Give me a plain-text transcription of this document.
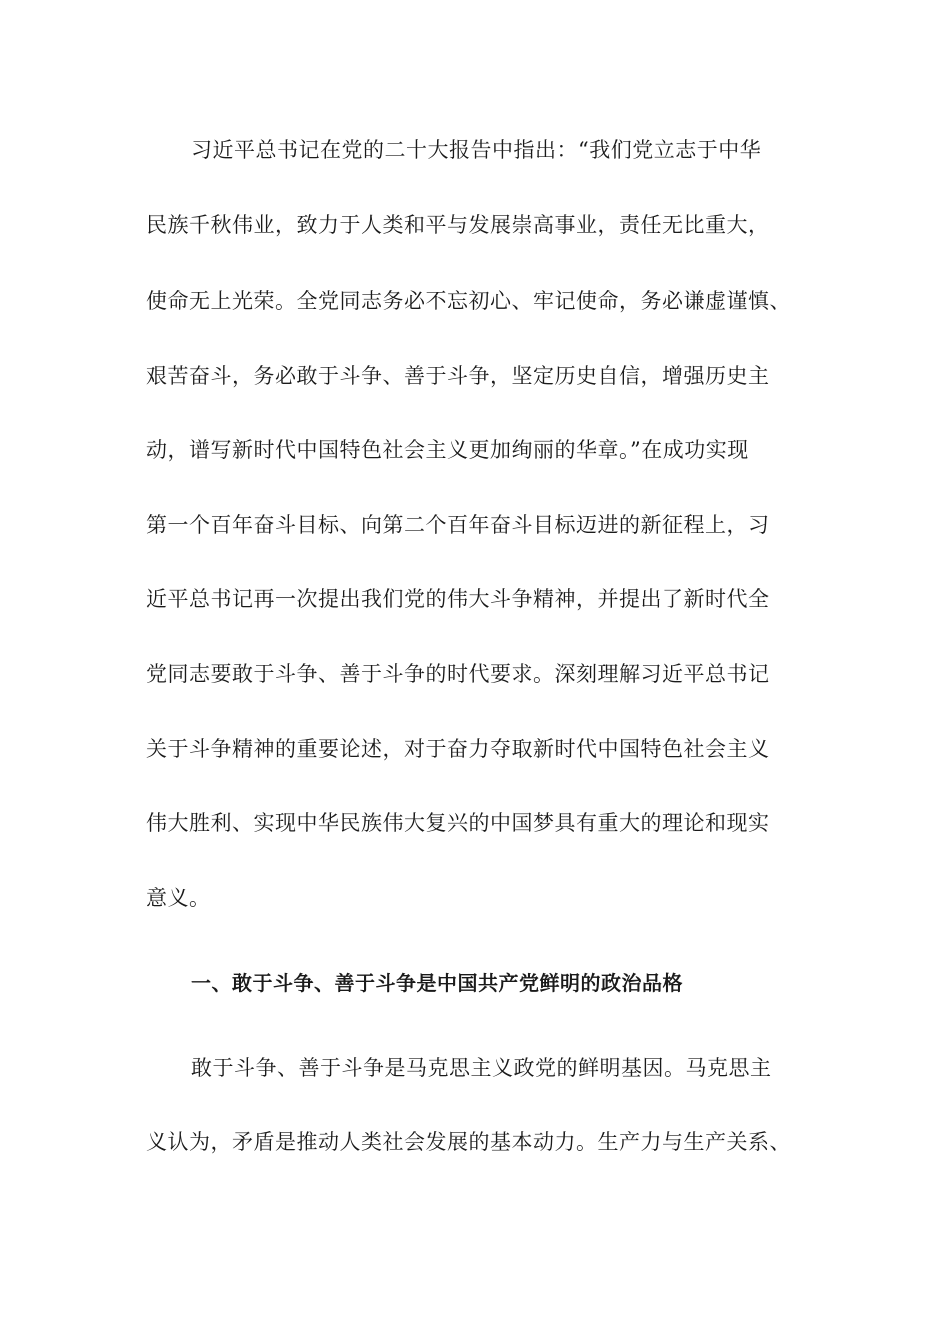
习近平总书记在党的二十大报告中指出：“我们党立志于中华
民族千秋伟业，致力于人类和平与发展崇高事业，责任无比重大，
使命无上光荣。全党同志务必不忘初心、牢记使命，务必谦虚谨慎、
艰苦奋斗，务必敢于斗争、善于斗争，坚定历史自信，增强历史主
动，谱写新时代中国特色社会主义更加绚丽的华章。”在成功实现
第一个百年奋斗目标、向第二个百年奋斗目标迈进的新征程上，习
近平总书记再一次提出我们党的伟大斗争精神，并提出了新时代全
党同志要敢于斗争、善于斗争的时代要求。深刻理解习近平总书记
关于斗争精神的重要论述，对于奋力夺取新时代中国特色社会主义
伟大胜利、实现中华民族伟大复兴的中国梦具有重大的理论和现实
意义。
一、敢于斗争、善于斗争是中国共产党鲜明的政治品格
敢于斗争、善于斗争是马克思主义政党的鲜明基因。马克思主
义认为，矛盾是推动人类社会发展的基本动力。生产力与生产关系、
